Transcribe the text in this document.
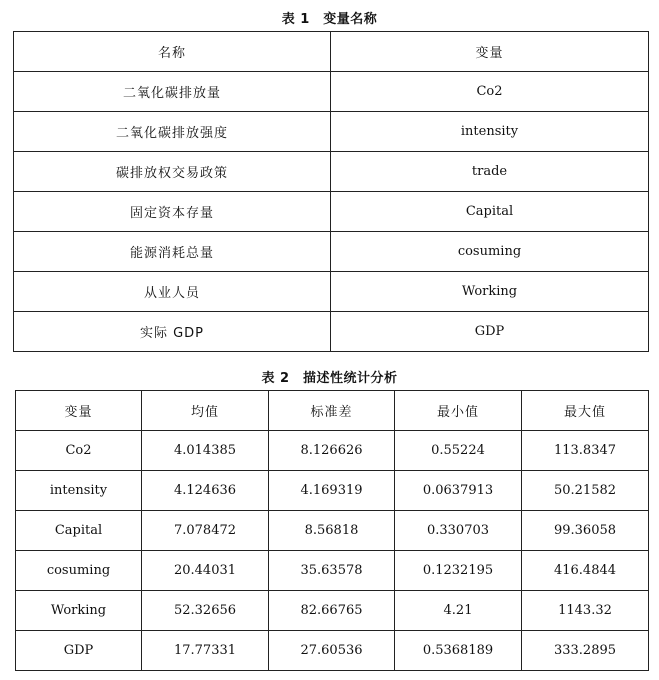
表 1　变量名称
名称	变量
二氧化碳排放量	Co2
二氧化碳排放强度	intensity
碳排放权交易政策	trade
固定资本存量	Capital
能源消耗总量	cosuming
从业人员	Working
实际 GDP	GDP
表 2　描述性统计分析
变量	均值	标准差	最小值	最大值
Co2	4.014385	8.126626	0.55224	113.8347
intensity	4.124636	4.169319	0.0637913	50.21582
Capital	7.078472	8.56818	0.330703	99.36058
cosuming	20.44031	35.63578	0.1232195	416.4844
Working	52.32656	82.66765	4.21	1143.32
GDP	17.77331	27.60536	0.5368189	333.2895
